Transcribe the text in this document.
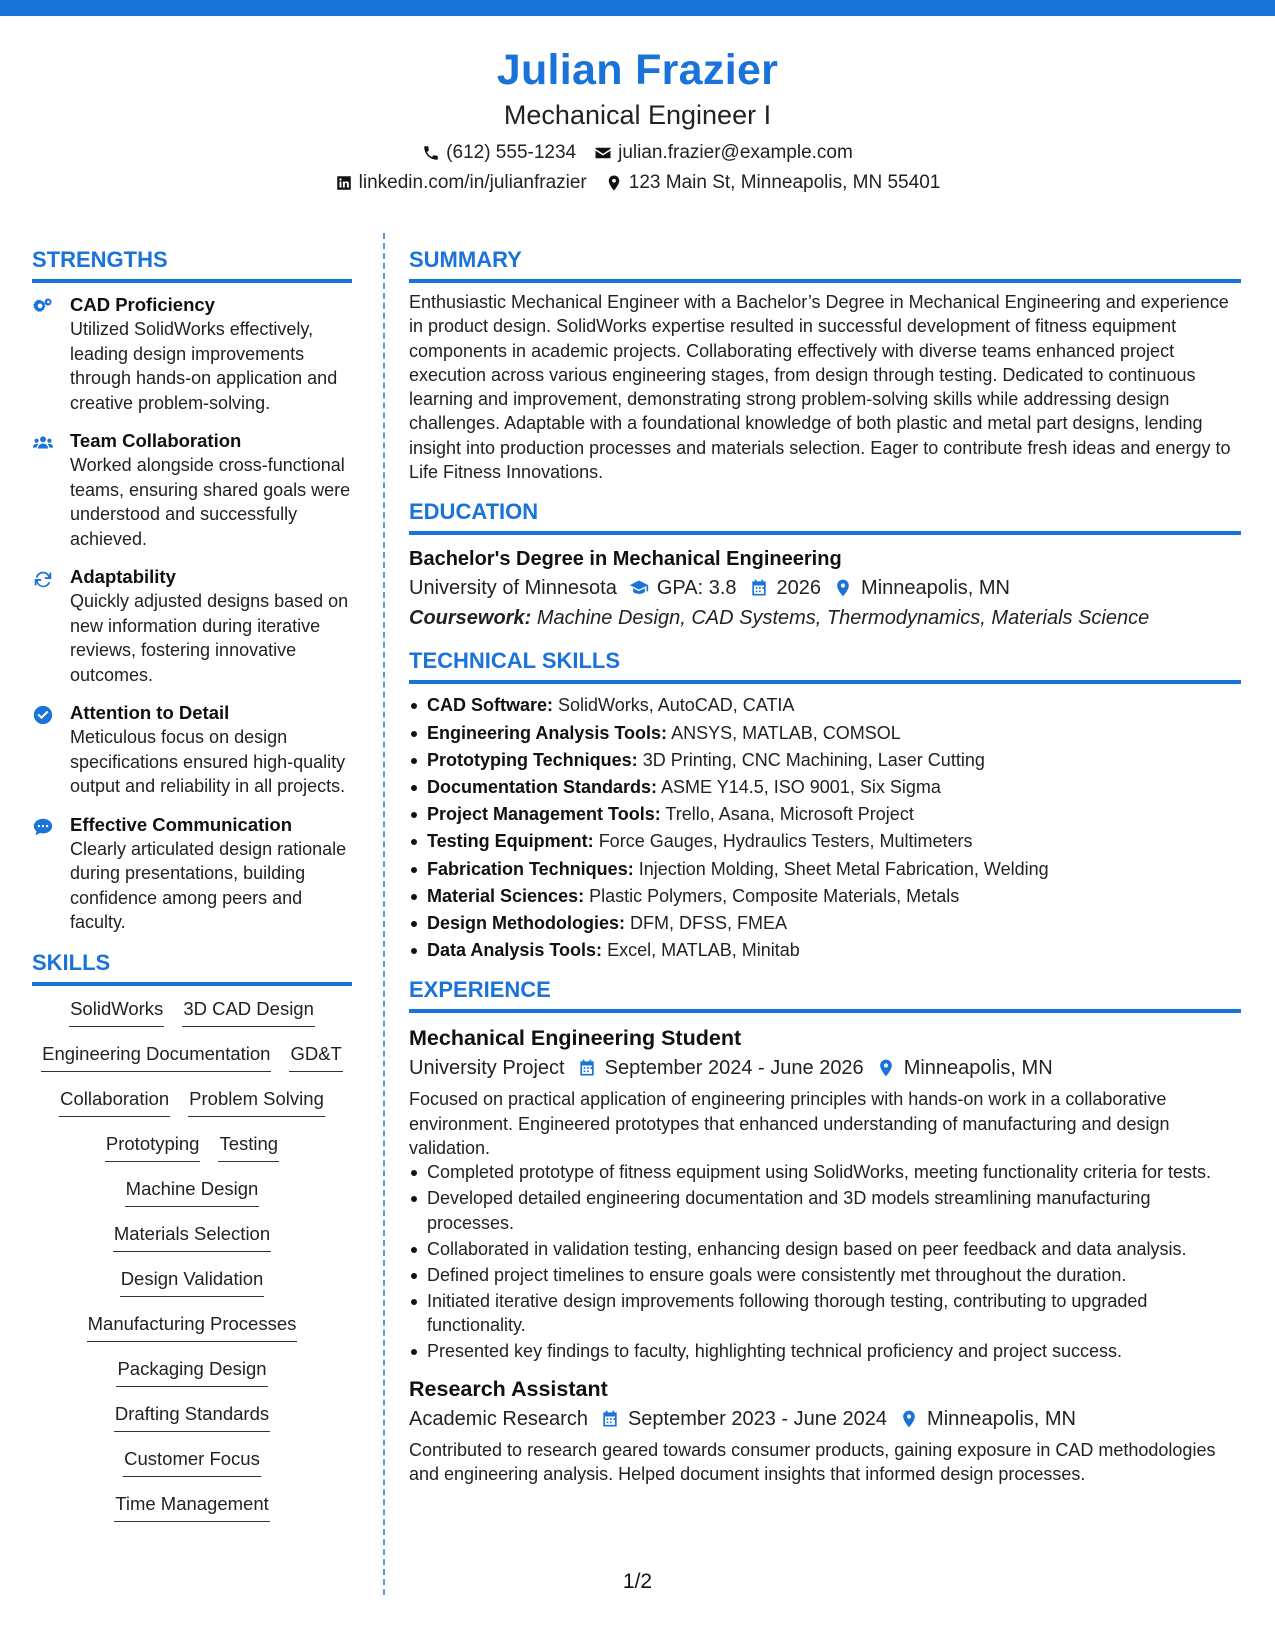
Julian Frazier
Mechanical Engineer I
(612) 555-1234 julian.frazier@example.com
linkedin.com/in/julianfrazier 123 Main St, Minneapolis, MN 55401
STRENGTHS
CAD Proficiency
Utilized SolidWorks effectively, leading design improvements through hands-on application and creative problem-solving.
Team Collaboration
Worked alongside cross-functional teams, ensuring shared goals were understood and successfully achieved.
Adaptability
Quickly adjusted designs based on new information during iterative reviews, fostering innovative outcomes.
Attention to Detail
Meticulous focus on design specifications ensured high-quality output and reliability in all projects.
Effective Communication
Clearly articulated design rationale during presentations, building confidence among peers and faculty.
SKILLS
SolidWorks 3D CAD Design
Engineering Documentation GD&T
Collaboration Problem Solving
Prototyping Testing
Machine Design
Materials Selection
Design Validation
Manufacturing Processes
Packaging Design
Drafting Standards
Customer Focus
Time Management
SUMMARY
Enthusiastic Mechanical Engineer with a Bachelor’s Degree in Mechanical Engineering and experience in product design. SolidWorks expertise resulted in successful development of fitness equipment components in academic projects. Collaborating effectively with diverse teams enhanced project execution across various engineering stages, from design through testing. Dedicated to continuous learning and improvement, demonstrating strong problem-solving skills while addressing design challenges. Adaptable with a foundational knowledge of both plastic and metal part designs, lending insight into production processes and materials selection. Eager to contribute fresh ideas and energy to Life Fitness Innovations.
EDUCATION
Bachelor's Degree in Mechanical Engineering
University of Minnesota GPA: 3.8 2026 Minneapolis, MN
Coursework: Machine Design, CAD Systems, Thermodynamics, Materials Science
TECHNICAL SKILLS
CAD Software: SolidWorks, AutoCAD, CATIA
Engineering Analysis Tools: ANSYS, MATLAB, COMSOL
Prototyping Techniques: 3D Printing, CNC Machining, Laser Cutting
Documentation Standards: ASME Y14.5, ISO 9001, Six Sigma
Project Management Tools: Trello, Asana, Microsoft Project
Testing Equipment: Force Gauges, Hydraulics Testers, Multimeters
Fabrication Techniques: Injection Molding, Sheet Metal Fabrication, Welding
Material Sciences: Plastic Polymers, Composite Materials, Metals
Design Methodologies: DFM, DFSS, FMEA
Data Analysis Tools: Excel, MATLAB, Minitab
EXPERIENCE
Mechanical Engineering Student
University Project September 2024 - June 2026 Minneapolis, MN
Focused on practical application of engineering principles with hands-on work in a collaborative environment. Engineered prototypes that enhanced understanding of manufacturing and design validation.
Completed prototype of fitness equipment using SolidWorks, meeting functionality criteria for tests.
Developed detailed engineering documentation and 3D models streamlining manufacturing processes.
Collaborated in validation testing, enhancing design based on peer feedback and data analysis.
Defined project timelines to ensure goals were consistently met throughout the duration.
Initiated iterative design improvements following thorough testing, contributing to upgraded functionality.
Presented key findings to faculty, highlighting technical proficiency and project success.
Research Assistant
Academic Research September 2023 - June 2024 Minneapolis, MN
Contributed to research geared towards consumer products, gaining exposure in CAD methodologies and engineering analysis. Helped document insights that informed design processes.
1/2
